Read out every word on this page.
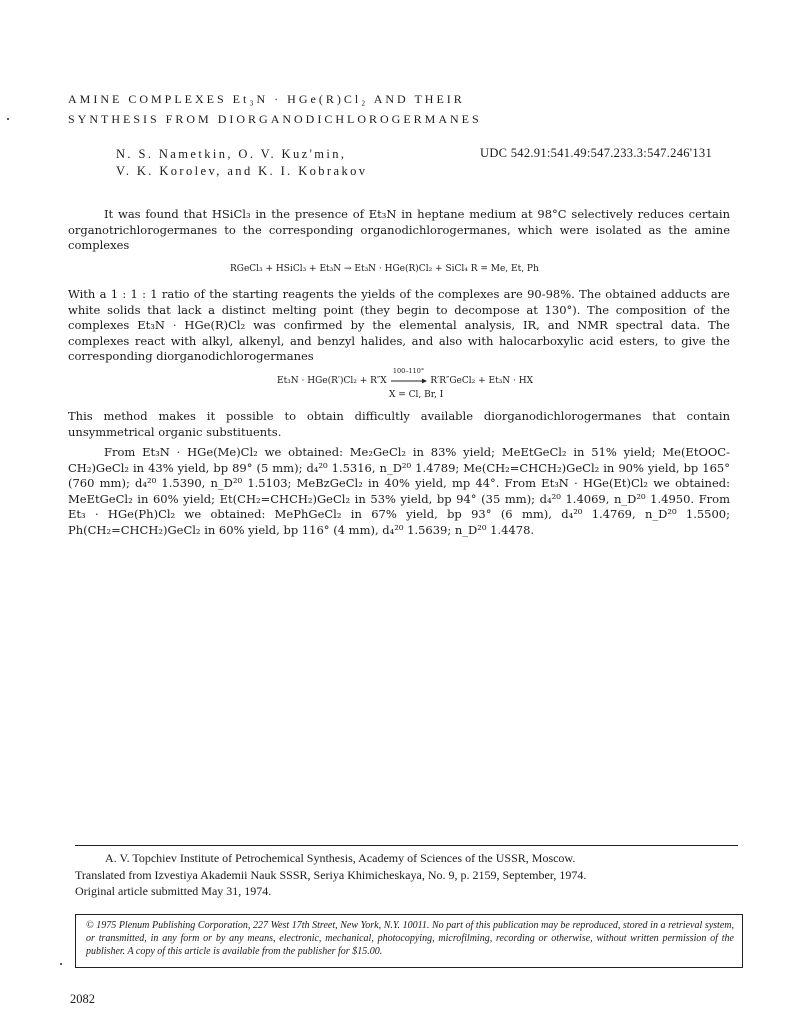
AMINE COMPLEXES Et₃N · HGe(R)Cl₂ AND THEIR
SYNTHESIS FROM DIORGANODICHLOROGERMANES
N. S. Nametkin, O. V. Kuz'min,
V. K. Korolev, and K. I. Kobrakov
UDC 542.91:541.49:547.233.3:547.246'131

It was found that HSiCl₃ in the presence of Et₃N in heptane medium at 98°C selectively reduces certain organotrichlorogermanes to the corresponding organodichlorogermanes, which were isolated as the amine complexes

RGeCl₃ + HSiCl₃ + Et₃N → Et₃N · HGe(R)Cl₂ + SiCl₄ R = Me, Et, Ph

With a 1 : 1 : 1 ratio of the starting reagents the yields of the complexes are 90-98%. The obtained adducts are white solids that lack a distinct melting point (they begin to decompose at 130°). The composition of the complexes Et₃N · HGe(R)Cl₂ was confirmed by the elemental analysis, IR, and NMR spectral data. The complexes react with alkyl, alkenyl, and benzyl halides, and also with halocarboxylic acid esters, to give the corresponding diorganodichlorogermanes

Et₃N · HGe(R′)Cl₂ + R″X
100–110°
R′R″GeCl₂ + Et₃N · HX
X = Cl, Br, I

This method makes it possible to obtain difficultly available diorganodichlorogermanes that contain unsymmetrical organic substituents.

From Et₃N · HGe(Me)Cl₂ we obtained: Me₂GeCl₂ in 83% yield; MeEtGeCl₂ in 51% yield; Me(EtOOC-CH₂)GeCl₂ in 43% yield, bp 89° (5 mm); d₄²⁰ 1.5316, n_D²⁰ 1.4789; Me(CH₂=CHCH₂)GeCl₂ in 90% yield, bp 165° (760 mm); d₄²⁰ 1.5390, n_D²⁰ 1.5103; MeBzGeCl₂ in 40% yield, mp 44°. From Et₃N · HGe(Et)Cl₂ we obtained: MeEtGeCl₂ in 60% yield; Et(CH₂=CHCH₂)GeCl₂ in 53% yield, bp 94° (35 mm); d₄²⁰ 1.4069, n_D²⁰ 1.4950. From Et₃ · HGe(Ph)Cl₂ we obtained: MePhGeCl₂ in 67% yield, bp 93° (6 mm), d₄²⁰ 1.4769, n_D²⁰ 1.5500; Ph(CH₂=CHCH₂)GeCl₂ in 60% yield, bp 116° (4 mm), d₄²⁰ 1.5639; n_D²⁰ 1.4478.

A. V. Topchiev Institute of Petrochemical Synthesis, Academy of Sciences of the USSR, Moscow.

Translated from Izvestiya Akademii Nauk SSSR, Seriya Khimicheskaya, No. 9, p. 2159, September, 1974.

Original article submitted May 31, 1974.

© 1975 Plenum Publishing Corporation, 227 West 17th Street, New York, N.Y. 10011. No part of this publication may be reproduced, stored in a retrieval system, or transmitted, in any form or by any means, electronic, mechanical, photocopying, microfilming, recording or otherwise, without written permission of the publisher. A copy of this article is available from the publisher for $15.00.

2082
